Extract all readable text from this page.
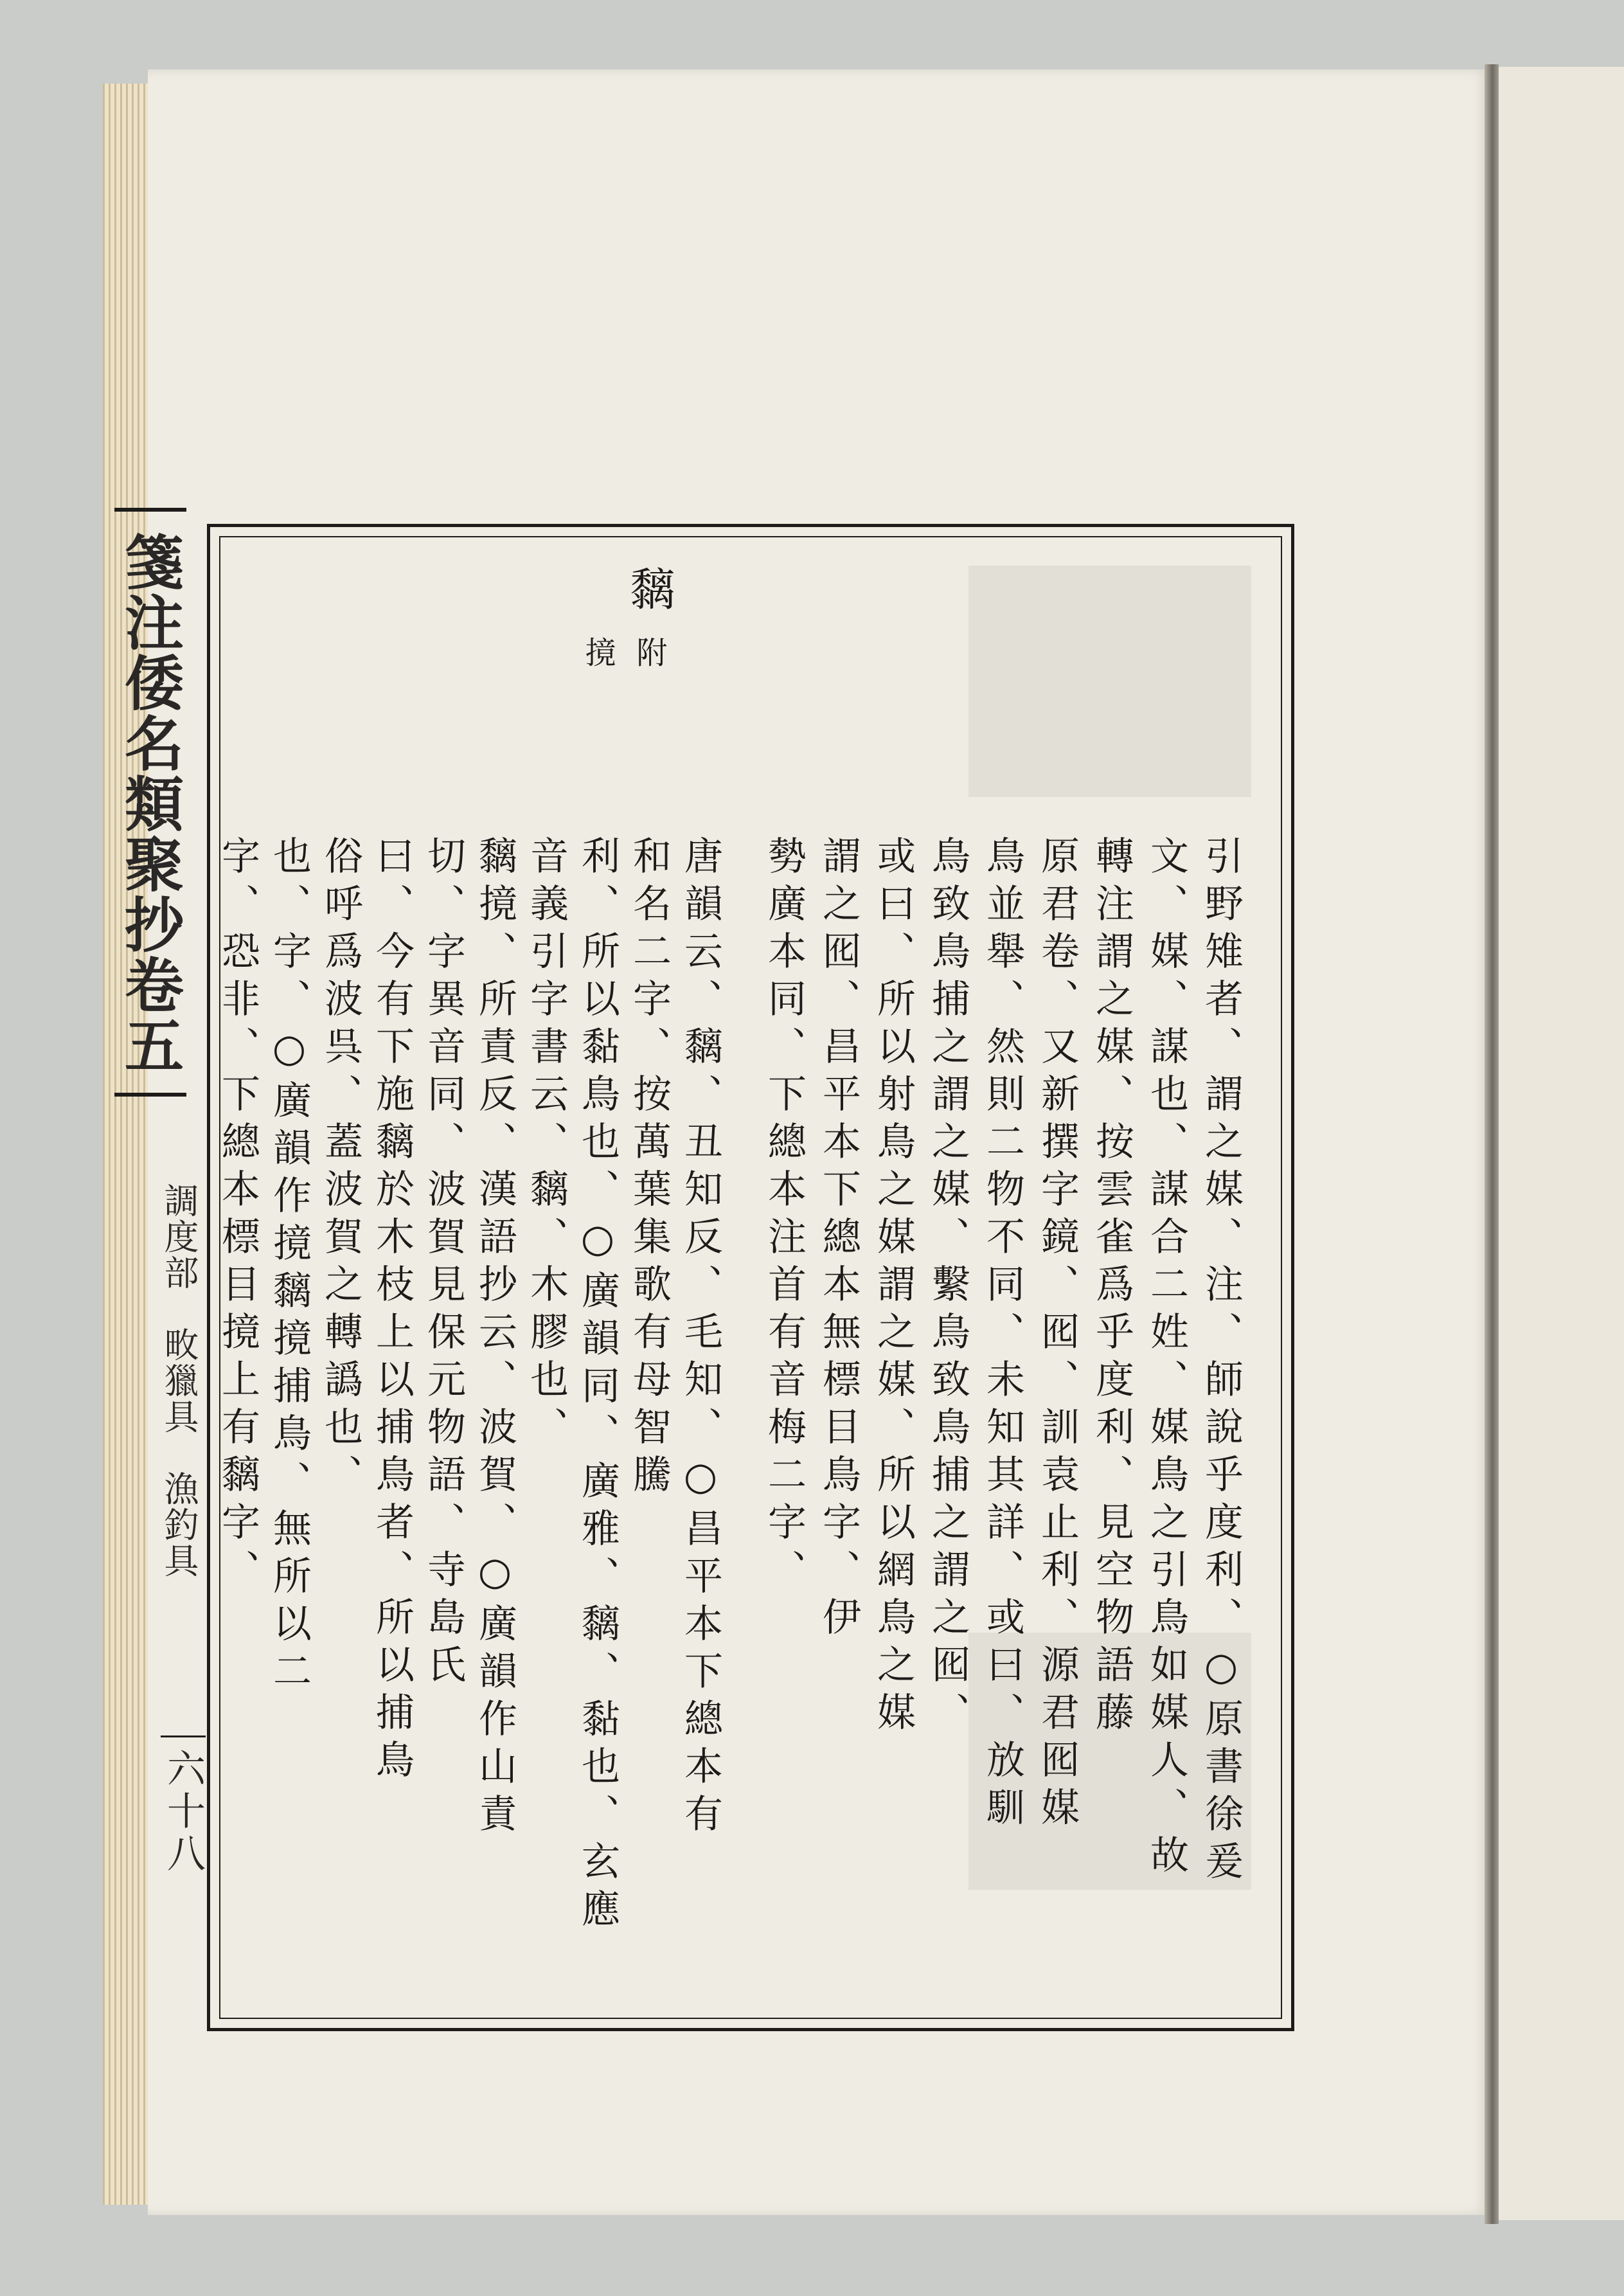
箋注倭名類聚抄卷五
調度部　畋獵具　漁釣具
六十八
黐
附 摬
引野雉者、謂之媒、注、師說乎度利、○原書徐爰
文、媒、謀也、謀合二姓、媒鳥之引鳥如媒人、故
轉注謂之媒、按雲雀爲乎度利、見空物語藤
原君卷、又新撰字鏡、囮、訓袁止利、源君囮媒
鳥並舉、然則二物不同、未知其詳、或曰、放馴
鳥致鳥捕之謂之媒、繫鳥致鳥捕之謂之囮、
或曰、所以射鳥之媒謂之媒、所以網鳥之媒
謂之囮、昌平本下總本無標目鳥字、伊
勢廣本同、下總本注首有音梅二字、
唐韻云、黐、丑知反、毛知、○昌平本下總本有
和名二字、按萬葉集歌有母智騰
利、所以黏鳥也、○廣韻同、廣雅、黐、黏也、玄應
音義引字書云、黐、木膠也、
黐摬、所責反、漢語抄云、波賀、○廣韻作山責
切、字異音同、波賀見保元物語、寺島氏
曰、今有下施黐於木枝上以捕鳥者、所以捕鳥
俗呼爲波呉、蓋波賀之轉譌也、
也、字、○廣韻作摬黐摬捕鳥、無所以二
字、恐非、下總本標目摬上有黐字、
